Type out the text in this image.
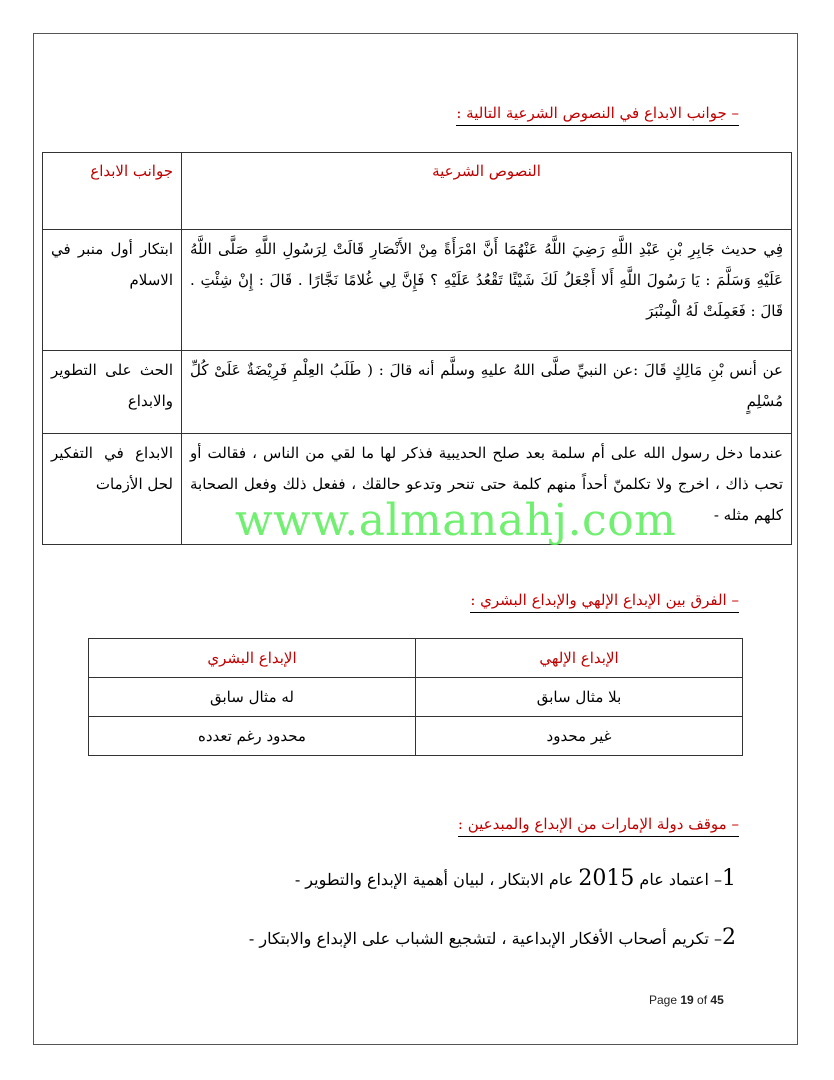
– جوانب الابداع في النصوص الشرعية التالية :
النصوص الشرعية	جوانب الابداع
فِي حديث جَابِرِ بْنِ عَبْدِ اللَّهِ رَضِيَ اللَّهُ عَنْهُمَا أَنَّ امْرَأَةً مِنْ الأَنْصَارِ قَالَتْ لِرَسُولِ اللَّهِ صَلَّى اللَّهُ عَلَيْهِ وَسَلَّمَ : يَا رَسُولَ اللَّهِ أَلا أَجْعَلُ لَكَ شَيْئًا تَقْعُدُ عَلَيْهِ ؟ فَإِنَّ لِي غُلامًا نَجَّارًا . قَالَ : إِنْ شِئْتِ . قَالَ : فَعَمِلَتْ لَهُ الْمِنْبَرَ	ابتكار أول منبر في الاسلام
عن أنس بْنِ مَالِكٍ قَالَ :عن النبيِّ صلَّى اللهُ عليهِ وسلَّم أنه قالَ : ( طَلَبُ العِلْمِ فَرِيْضَةٌ عَلَىْ كُلِّ مُسْلِمٍ	الحث على التطوير والابداع
عندما دخل رسول الله على أم سلمة بعد صلح الحديبية فذكر لها ما لقي من الناس ، فقالت أو تحب ذاك ، اخرج ولا تكلمنّ أحداً منهم كلمة حتى تنحر وتدعو حالقك ، ففعل ذلك وفعل الصحابة كلهم مثله -	الابداع في التفكير لحل الأزمات
www.almanahj.com
– الفرق بين الإبداع الإلهي والإبداع البشري :
الإبداع الإلهي	الإبداع البشري
بلا مثال سابق	له مثال سابق
غير محدود	محدود رغم تعدده
– موقف دولة الإمارات من الإبداع والمبدعين :
1– اعتماد عام 2015 عام الابتكار ، لبيان أهمية الإبداع والتطوير -
2– تكريم أصحاب الأفكار الإبداعية ، لتشجيع الشباب على الإبداع والابتكار -
Page 19 of 45
